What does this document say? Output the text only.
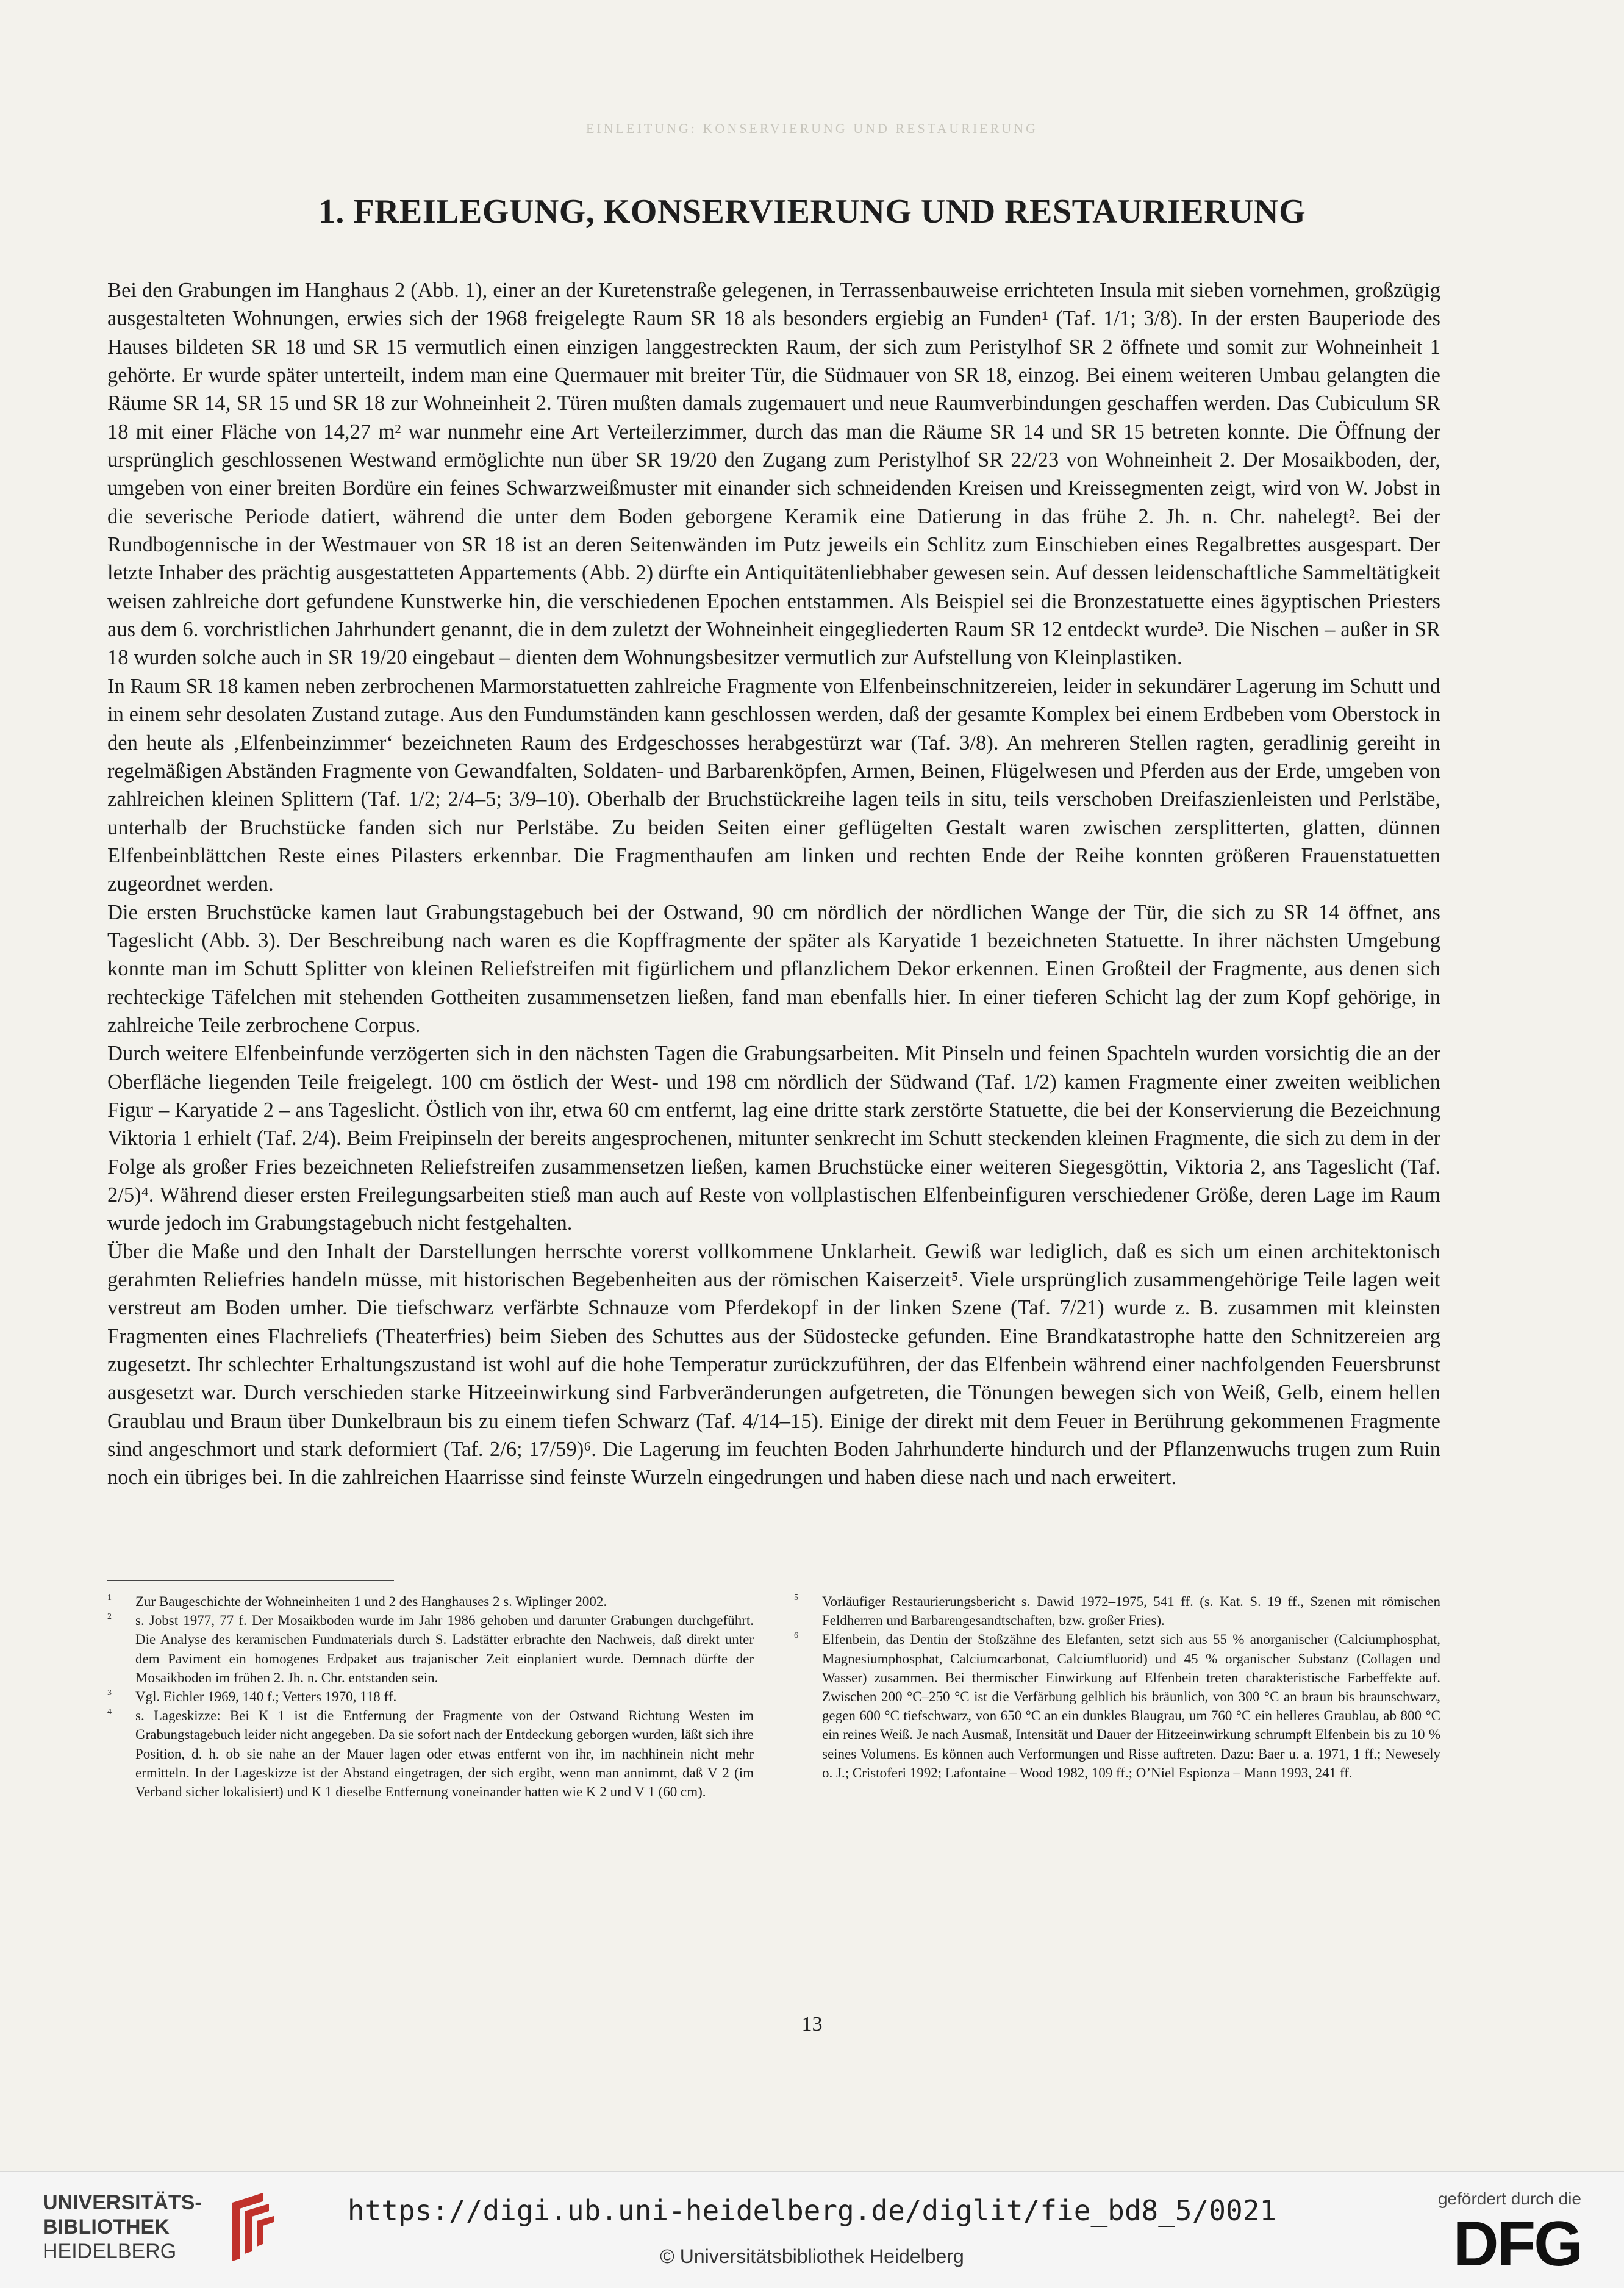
EINLEITUNG: KONSERVIERUNG UND RESTAURIERUNG
1. FREILEGUNG, KONSERVIERUNG UND RESTAURIERUNG

Bei den Grabungen im Hanghaus 2 (Abb. 1), einer an der Kuretenstraße gelegenen, in Terrassenbauweise errichteten Insula mit sieben vornehmen, großzügig ausgestalteten Wohnungen, erwies sich der 1968 freigelegte Raum SR 18 als besonders ergiebig an Funden¹ (Taf. 1/1; 3/8). In der ersten Bauperiode des Hauses bildeten SR 18 und SR 15 vermutlich einen einzigen langgestreckten Raum, der sich zum Peristylhof SR 2 öffnete und somit zur Wohneinheit 1 gehörte. Er wurde später unterteilt, indem man eine Quermauer mit breiter Tür, die Südmauer von SR 18, einzog. Bei einem weiteren Umbau gelangten die Räume SR 14, SR 15 und SR 18 zur Wohneinheit 2. Türen mußten damals zugemauert und neue Raumverbindungen geschaffen werden. Das Cubiculum SR 18 mit einer Fläche von 14,27 m² war nunmehr eine Art Verteilerzimmer, durch das man die Räume SR 14 und SR 15 betreten konnte. Die Öffnung der ursprünglich geschlossenen Westwand ermöglichte nun über SR 19/20 den Zugang zum Peristylhof SR 22/23 von Wohneinheit 2. Der Mosaikboden, der, umgeben von einer breiten Bordüre ein feines Schwarzweißmuster mit einander sich schneidenden Kreisen und Kreissegmenten zeigt, wird von W. Jobst in die severische Periode datiert, während die unter dem Boden geborgene Keramik eine Datierung in das frühe 2. Jh. n. Chr. nahelegt². Bei der Rundbogennische in der Westmauer von SR 18 ist an deren Seitenwänden im Putz jeweils ein Schlitz zum Einschieben eines Regalbrettes ausgespart. Der letzte Inhaber des prächtig ausgestatteten Appartements (Abb. 2) dürfte ein Antiquitätenliebhaber gewesen sein. Auf dessen leidenschaftliche Sammeltätigkeit weisen zahlreiche dort gefundene Kunstwerke hin, die verschiedenen Epochen entstammen. Als Beispiel sei die Bronzestatuette eines ägyptischen Priesters aus dem 6. vorchristlichen Jahrhundert genannt, die in dem zuletzt der Wohneinheit eingegliederten Raum SR 12 entdeckt wurde³. Die Nischen – außer in SR 18 wurden solche auch in SR 19/20 eingebaut – dienten dem Wohnungsbesitzer vermutlich zur Aufstellung von Kleinplastiken.

In Raum SR 18 kamen neben zerbrochenen Marmorstatuetten zahlreiche Fragmente von Elfenbeinschnitzereien, leider in sekundärer Lagerung im Schutt und in einem sehr desolaten Zustand zutage. Aus den Fundumständen kann geschlossen werden, daß der gesamte Komplex bei einem Erdbeben vom Oberstock in den heute als ‚Elfenbeinzimmer‘ bezeichneten Raum des Erdgeschosses herabgestürzt war (Taf. 3/8). An mehreren Stellen ragten, geradlinig gereiht in regelmäßigen Abständen Fragmente von Gewandfalten, Soldaten- und Barbarenköpfen, Armen, Beinen, Flügelwesen und Pferden aus der Erde, umgeben von zahlreichen kleinen Splittern (Taf. 1/2; 2/4–5; 3/9–10). Oberhalb der Bruchstückreihe lagen teils in situ, teils verschoben Dreifaszienleisten und Perlstäbe, unterhalb der Bruchstücke fanden sich nur Perlstäbe. Zu beiden Seiten einer geflügelten Gestalt waren zwischen zersplitterten, glatten, dünnen Elfenbeinblättchen Reste eines Pilasters erkennbar. Die Fragmenthaufen am linken und rechten Ende der Reihe konnten größeren Frauenstatuetten zugeordnet werden.

Die ersten Bruchstücke kamen laut Grabungstagebuch bei der Ostwand, 90 cm nördlich der nördlichen Wange der Tür, die sich zu SR 14 öffnet, ans Tageslicht (Abb. 3). Der Beschreibung nach waren es die Kopffragmente der später als Karyatide 1 bezeichneten Statuette. In ihrer nächsten Umgebung konnte man im Schutt Splitter von kleinen Reliefstreifen mit figürlichem und pflanzlichem Dekor erkennen. Einen Großteil der Fragmente, aus denen sich rechteckige Täfelchen mit stehenden Gottheiten zusammensetzen ließen, fand man ebenfalls hier. In einer tieferen Schicht lag der zum Kopf gehörige, in zahlreiche Teile zerbrochene Corpus.

Durch weitere Elfenbeinfunde verzögerten sich in den nächsten Tagen die Grabungsarbeiten. Mit Pinseln und feinen Spachteln wurden vorsichtig die an der Oberfläche liegenden Teile freigelegt. 100 cm östlich der West- und 198 cm nördlich der Südwand (Taf. 1/2) kamen Fragmente einer zweiten weiblichen Figur – Karyatide 2 – ans Tageslicht. Östlich von ihr, etwa 60 cm entfernt, lag eine dritte stark zerstörte Statuette, die bei der Konservierung die Bezeichnung Viktoria 1 erhielt (Taf. 2/4). Beim Freipinseln der bereits angesprochenen, mitunter senkrecht im Schutt steckenden kleinen Fragmente, die sich zu dem in der Folge als großer Fries bezeichneten Reliefstreifen zusammensetzen ließen, kamen Bruchstücke einer weiteren Siegesgöttin, Viktoria 2, ans Tageslicht (Taf. 2/5)⁴. Während dieser ersten Freilegungsarbeiten stieß man auch auf Reste von vollplastischen Elfenbeinfiguren verschiedener Größe, deren Lage im Raum wurde jedoch im Grabungstagebuch nicht festgehalten.

Über die Maße und den Inhalt der Darstellungen herrschte vorerst vollkommene Unklarheit. Gewiß war lediglich, daß es sich um einen architektonisch gerahmten Reliefries handeln müsse, mit historischen Begebenheiten aus der römischen Kaiserzeit⁵. Viele ursprünglich zusammengehörige Teile lagen weit verstreut am Boden umher. Die tiefschwarz verfärbte Schnauze vom Pferdekopf in der linken Szene (Taf. 7/21) wurde z. B. zusammen mit kleinsten Fragmenten eines Flachreliefs (Theaterfries) beim Sieben des Schuttes aus der Südostecke gefunden. Eine Brandkatastrophe hatte den Schnitzereien arg zugesetzt. Ihr schlechter Erhaltungszustand ist wohl auf die hohe Temperatur zurückzuführen, der das Elfenbein während einer nachfolgenden Feuersbrunst ausgesetzt war. Durch verschieden starke Hitzeeinwirkung sind Farbveränderungen aufgetreten, die Tönungen bewegen sich von Weiß, Gelb, einem hellen Graublau und Braun über Dunkelbraun bis zu einem tiefen Schwarz (Taf. 4/14–15). Einige der direkt mit dem Feuer in Berührung gekommenen Fragmente sind angeschmort und stark deformiert (Taf. 2/6; 17/59)⁶. Die Lagerung im feuchten Boden Jahrhunderte hindurch und der Pflanzenwuchs trugen zum Ruin noch ein übriges bei. In die zahlreichen Haarrisse sind feinste Wurzeln eingedrungen und haben diese nach und nach erweitert.

1	Zur Baugeschichte der Wohneinheiten 1 und 2 des Hanghauses 2 s. Wiplinger 2002.
2	s. Jobst 1977, 77 f. Der Mosaikboden wurde im Jahr 1986 gehoben und darunter Grabungen durchgeführt. Die Analyse des keramischen Fundmaterials durch S. Ladstätter erbrachte den Nachweis, daß direkt unter dem Paviment ein homogenes Erdpaket aus trajanischer Zeit einplaniert wurde. Demnach dürfte der Mosaikboden im frühen 2. Jh. n. Chr. entstanden sein.
3	Vgl. Eichler 1969, 140 f.; Vetters 1970, 118 ff.
4	s. Lageskizze: Bei K 1 ist die Entfernung der Fragmente von der Ostwand Richtung Westen im Grabungstagebuch leider nicht angegeben. Da sie sofort nach der Entdeckung geborgen wurden, läßt sich ihre Position, d. h. ob sie nahe an der Mauer lagen oder etwas entfernt von ihr, im nachhinein nicht mehr ermitteln. In der Lageskizze ist der Abstand eingetragen, der sich ergibt, wenn man annimmt, daß V 2 (im Verband sicher lokalisiert) und K 1 dieselbe Entfernung voneinander hatten wie K 2 und V 1 (60 cm).
5	Vorläufiger Restaurierungsbericht s. Dawid 1972–1975, 541 ff. (s. Kat. S. 19 ff., Szenen mit römischen Feldherren und Barbarengesandtschaften, bzw. großer Fries).
6	Elfenbein, das Dentin der Stoßzähne des Elefanten, setzt sich aus 55 % anorganischer (Calciumphosphat, Magnesiumphosphat, Calciumcarbonat, Calciumfluorid) und 45 % organischer Substanz (Collagen und Wasser) zusammen. Bei thermischer Einwirkung auf Elfenbein treten charakteristische Farbeffekte auf. Zwischen 200 °C–250 °C ist die Verfärbung gelblich bis bräunlich, von 300 °C an braun bis braunschwarz, gegen 600 °C tiefschwarz, von 650 °C an ein dunkles Blaugrau, um 760 °C ein helleres Graublau, ab 800 °C ein reines Weiß. Je nach Ausmaß, Intensität und Dauer der Hitzeeinwirkung schrumpft Elfenbein bis zu 10 % seines Volumens. Es können auch Verformungen und Risse auftreten. Dazu: Baer u. a. 1971, 1 ff.; Newesely o. J.; Cristoferi 1992; Lafontaine – Wood 1982, 109 ff.; O’Niel Espionza – Mann 1993, 241 ff.
13
UNIVERSITÄTS-
BIBLIOTHEK
HEIDELBERG
https://digi.ub.uni-heidelberg.de/diglit/fie_bd8_5/0021
© Universitätsbibliothek Heidelberg
gefördert durch die
DFG
